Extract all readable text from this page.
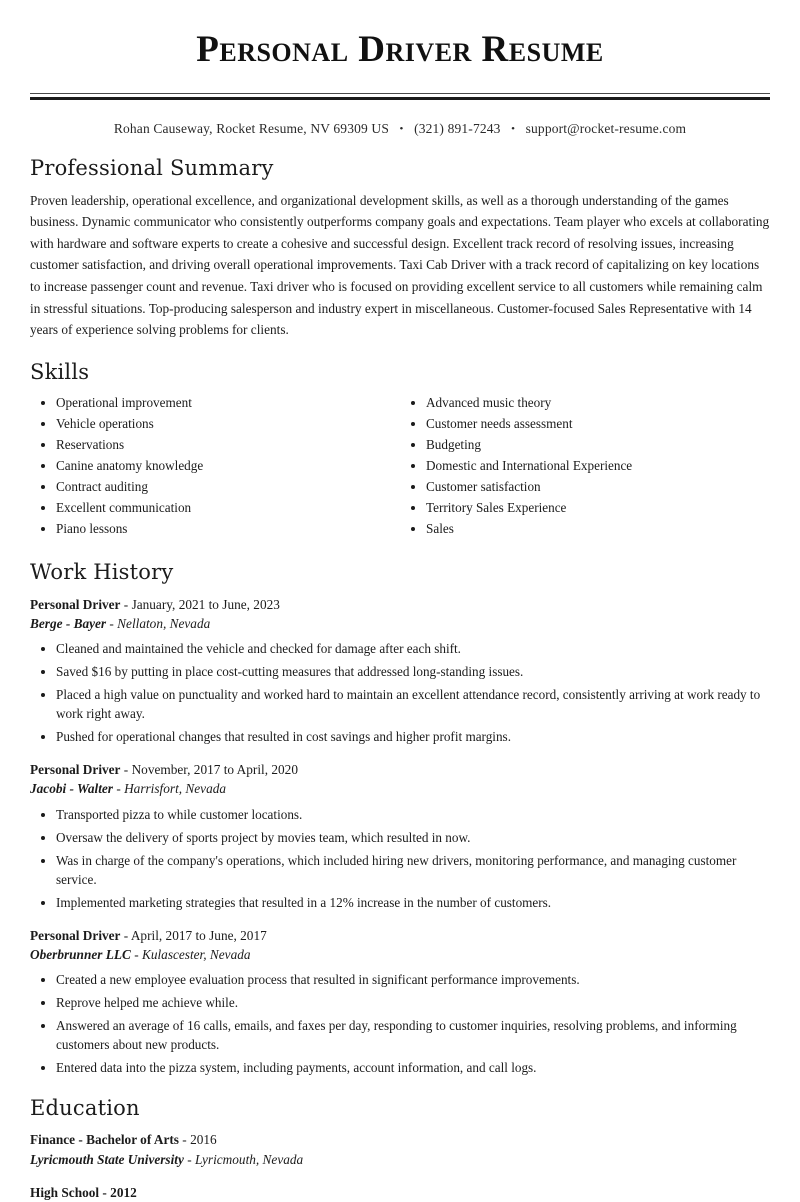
Personal Driver Resume
Rohan Causeway, Rocket Resume, NV 69309 US • (321) 891-7243 • support@rocket-resume.com
Professional Summary

Proven leadership, operational excellence, and organizational development skills, as well as a thorough understanding of the games business. Dynamic communicator who consistently outperforms company goals and expectations. Team player who excels at collaborating with hardware and software experts to create a cohesive and successful design. Excellent track record of resolving issues, increasing customer satisfaction, and driving overall operational improvements. Taxi Cab Driver with a track record of capitalizing on key locations to increase passenger count and revenue. Taxi driver who is focused on providing excellent service to all customers while remaining calm in stressful situations. Top-producing salesperson and industry expert in miscellaneous. Customer-focused Sales Representative with 14 years of experience solving problems for clients.

Skills
• Operational improvement
• Vehicle operations
• Reservations
• Canine anatomy knowledge
• Contract auditing
• Excellent communication
• Piano lessons
• Advanced music theory
• Customer needs assessment
• Budgeting
• Domestic and International Experience
• Customer satisfaction
• Territory Sales Experience
• Sales
Work History
Personal Driver - January, 2021 to June, 2023
Berge - Bayer - Nellaton, Nevada
• Cleaned and maintained the vehicle and checked for damage after each shift.
• Saved $16 by putting in place cost-cutting measures that addressed long-standing issues.
• Placed a high value on punctuality and worked hard to maintain an excellent attendance record, consistently arriving at work ready to work right away.
• Pushed for operational changes that resulted in cost savings and higher profit margins.
Personal Driver - November, 2017 to April, 2020
Jacobi - Walter - Harrisfort, Nevada
• Transported pizza to while customer locations.
• Oversaw the delivery of sports project by movies team, which resulted in now.
• Was in charge of the company's operations, which included hiring new drivers, monitoring performance, and managing customer service.
• Implemented marketing strategies that resulted in a 12% increase in the number of customers.
Personal Driver - April, 2017 to June, 2017
Oberbrunner LLC - Kulascester, Nevada
• Created a new employee evaluation process that resulted in significant performance improvements.
• Reprove helped me achieve while.
• Answered an average of 16 calls, emails, and faxes per day, responding to customer inquiries, resolving problems, and informing customers about new products.
• Entered data into the pizza system, including payments, account information, and call logs.
Education
Finance - Bachelor of Arts - 2016
Lyricmouth State University - Lyricmouth, Nevada
High School - 2012
